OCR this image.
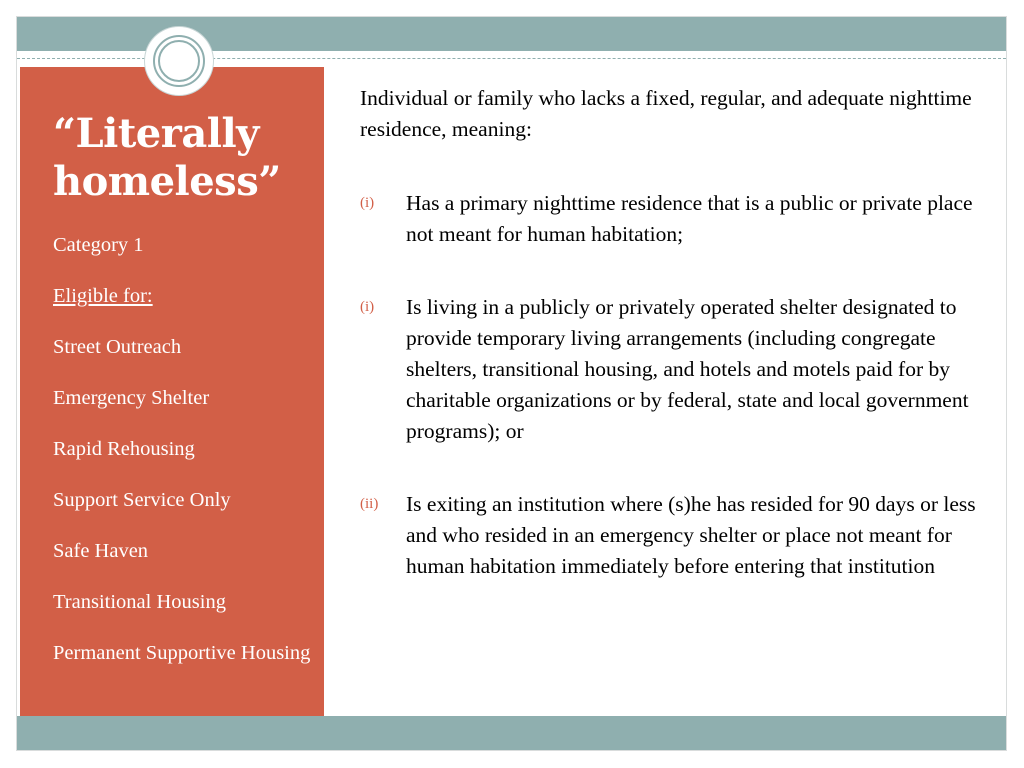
“Literally homeless”
Category 1
Eligible for:
Street Outreach
Emergency Shelter
Rapid Rehousing
Support Service Only
Safe Haven
Transitional Housing
Permanent Supportive Housing

Individual or family who lacks a fixed, regular, and adequate nighttime residence, meaning:

(i)	Has a primary nighttime residence that is a public or private place not meant for human habitation;
(i)	Is living in a publicly or privately operated shelter designated to provide temporary living arrangements (including congregate shelters, transitional housing, and hotels and motels paid for by charitable organizations or by federal, state and local government programs); or
(ii)	Is exiting an institution where (s)he has resided for 90 days or less and who resided in an emergency shelter or place not meant for human habitation immediately before entering that institution
